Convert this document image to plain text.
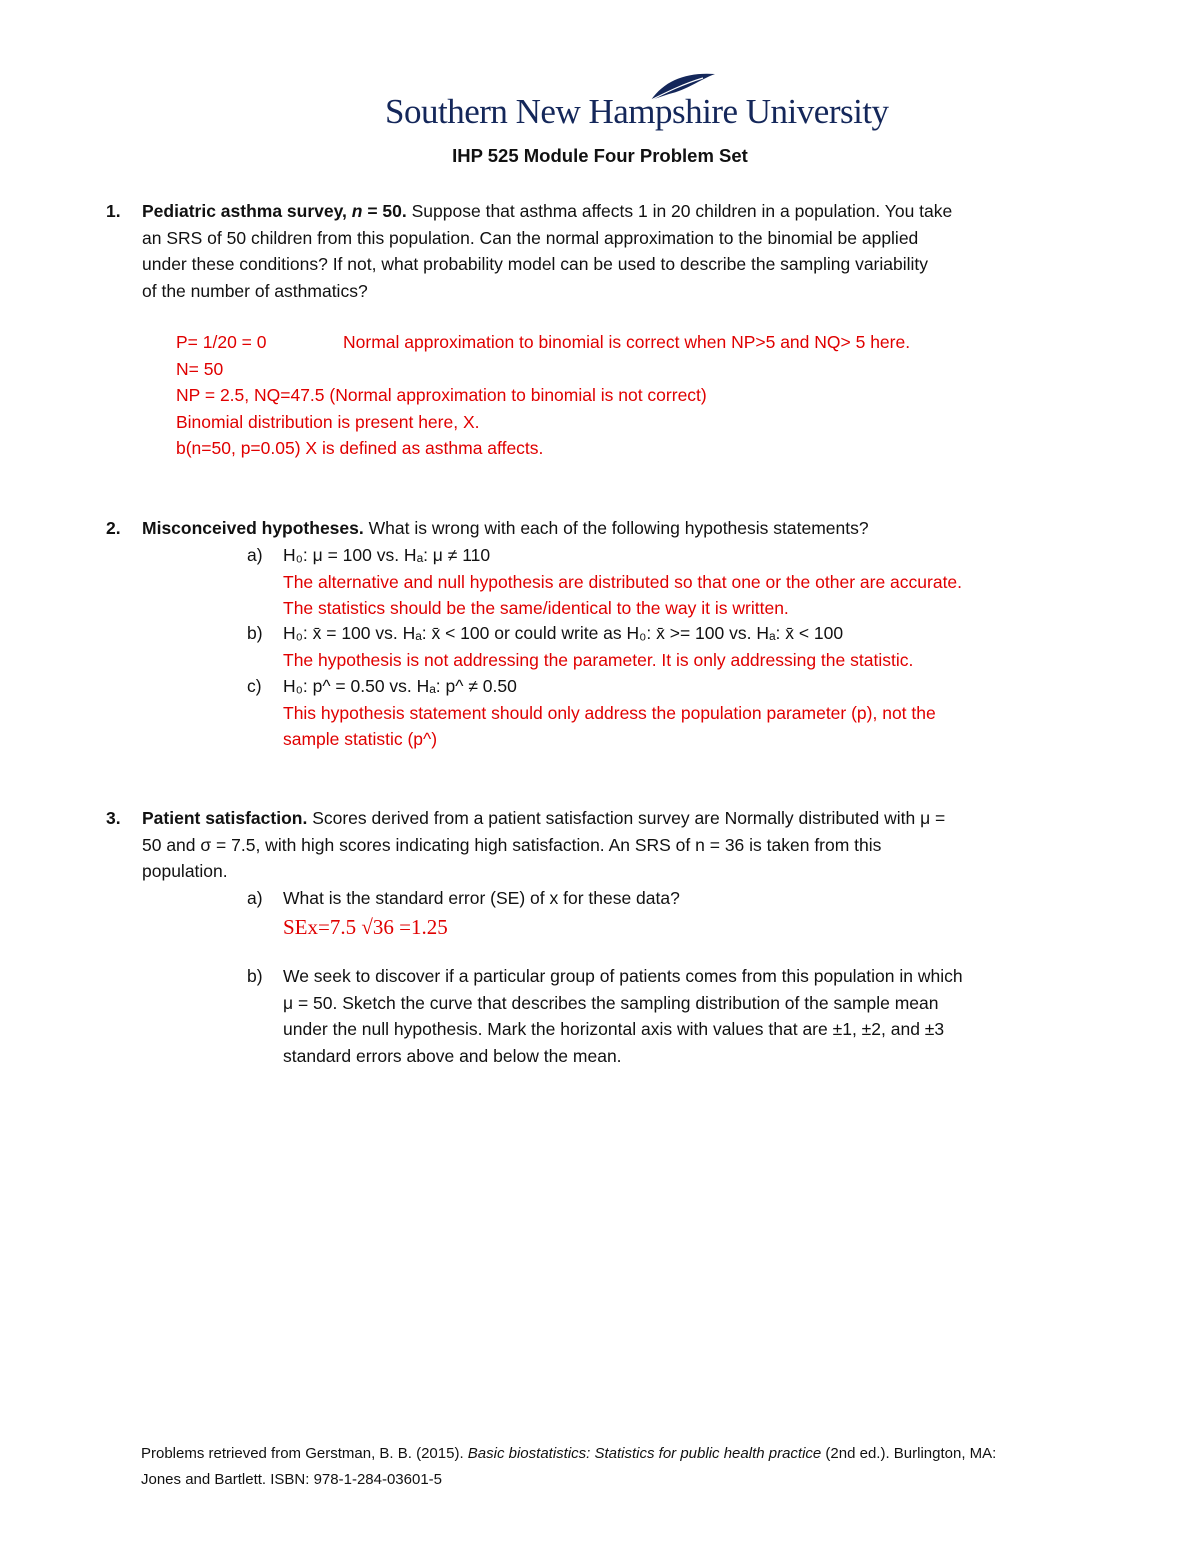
Southern New Hampshire University
IHP 525 Module Four Problem Set
1. Pediatric asthma survey, n = 50. Suppose that asthma affects 1 in 20 children in a population. You take
an SRS of 50 children from this population. Can the normal approximation to the binomial be applied
under these conditions? If not, what probability model can be used to describe the sampling variability
of the number of asthmatics?
P= 1/20 = 0	Normal approximation to binomial is correct when NP>5 and NQ> 5 here.
N= 50
NP = 2.5, NQ=47.5 (Normal approximation to binomial is not correct)
Binomial distribution is present here, X.
b(n=50, p=0.05) X is defined as asthma affects.
2. Misconceived hypotheses. What is wrong with each of the following hypothesis statements?
a) H₀: μ = 100 vs. Hₐ: μ ≠ 110
The alternative and null hypothesis are distributed so that one or the other are accurate.
The statistics should be the same/identical to the way it is written.
b) H₀: x̄ = 100 vs. Hₐ: x̄ < 100 or could write as H₀: x̄ >= 100 vs. Hₐ: x̄ < 100
The hypothesis is not addressing the parameter. It is only addressing the statistic.
c) H₀: p^ = 0.50 vs. Hₐ: p^ ≠ 0.50
This hypothesis statement should only address the population parameter (p), not the
sample statistic (p^)
3. Patient satisfaction. Scores derived from a patient satisfaction survey are Normally distributed with μ =
50 and σ = 7.5, with high scores indicating high satisfaction. An SRS of n = 36 is taken from this
population.
a) What is the standard error (SE) of x for these data?
SEx=7.5 √36 =1.25
b) We seek to discover if a particular group of patients comes from this population in which
μ = 50. Sketch the curve that describes the sampling distribution of the sample mean
under the null hypothesis. Mark the horizontal axis with values that are ±1, ±2, and ±3
standard errors above and below the mean.
Problems retrieved from Gerstman, B. B. (2015). Basic biostatistics: Statistics for public health practice (2nd ed.). Burlington, MA:
Jones and Bartlett. ISBN: 978-1-284-03601-5
